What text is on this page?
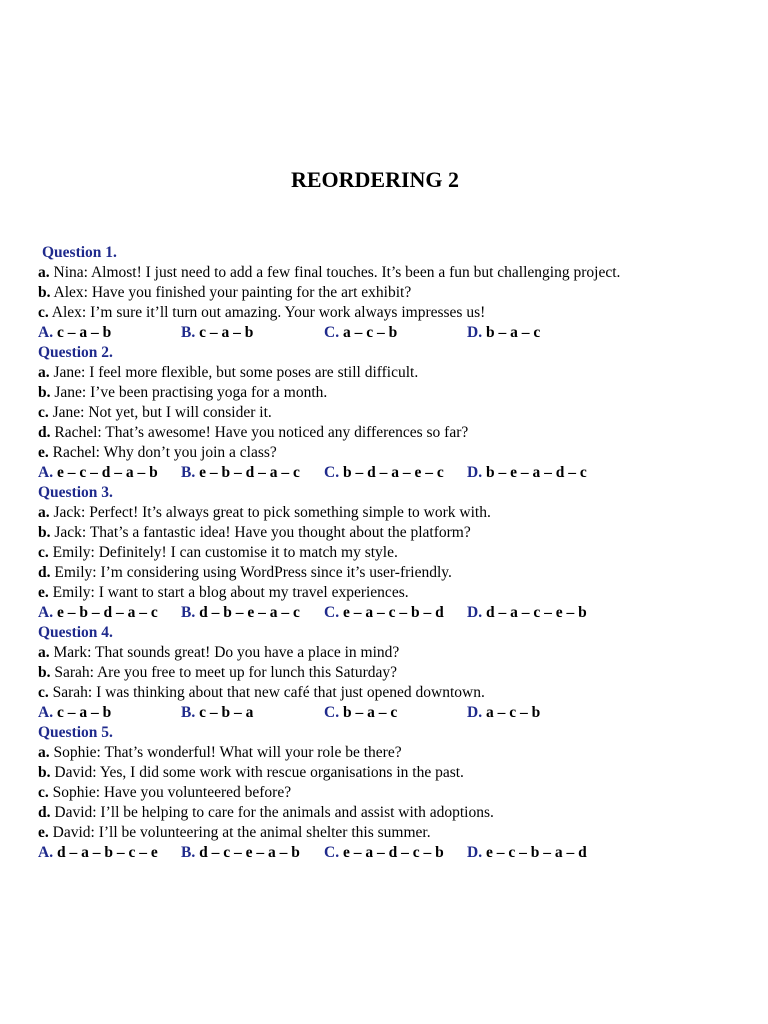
REORDERING 2
Question 1.
a. Nina: Almost! I just need to add a few final touches. It’s been a fun but challenging project.
b. Alex: Have you finished your painting for the art exhibit?
c. Alex: I’m sure it’ll turn out amazing. Your work always impresses us!
A. c – a – b	B. c – a – b	C. a – c – b	D. b – a – c
Question 2.
a. Jane: I feel more flexible, but some poses are still difficult.
b. Jane: I’ve been practising yoga for a month.
c. Jane: Not yet, but I will consider it.
d. Rachel: That’s awesome! Have you noticed any differences so far?
e. Rachel: Why don’t you join a class?
A. e – c – d – a – b	B. e – b – d – a – c	C. b – d – a – e – c	D. b – e – a – d – c
Question 3.
a. Jack: Perfect! It’s always great to pick something simple to work with.
b. Jack: That’s a fantastic idea! Have you thought about the platform?
c. Emily: Definitely! I can customise it to match my style.
d. Emily: I’m considering using WordPress since it’s user-friendly.
e. Emily: I want to start a blog about my travel experiences.
A. e – b – d – a – c	B. d – b – e – a – c	C. e – a – c – b – d	D. d – a – c – e – b
Question 4.
a. Mark: That sounds great! Do you have a place in mind?
b. Sarah: Are you free to meet up for lunch this Saturday?
c. Sarah: I was thinking about that new café that just opened downtown.
A. c – a – b	B. c – b – a	C. b – a – c	D. a – c – b
Question 5.
a. Sophie: That’s wonderful! What will your role be there?
b. David: Yes, I did some work with rescue organisations in the past.
c. Sophie: Have you volunteered before?
d. David: I’ll be helping to care for the animals and assist with adoptions.
e. David: I’ll be volunteering at the animal shelter this summer.
A. d – a – b – c – e	B. d – c – e – a – b	C. e – a – d – c – b	D. e – c – b – a – d
